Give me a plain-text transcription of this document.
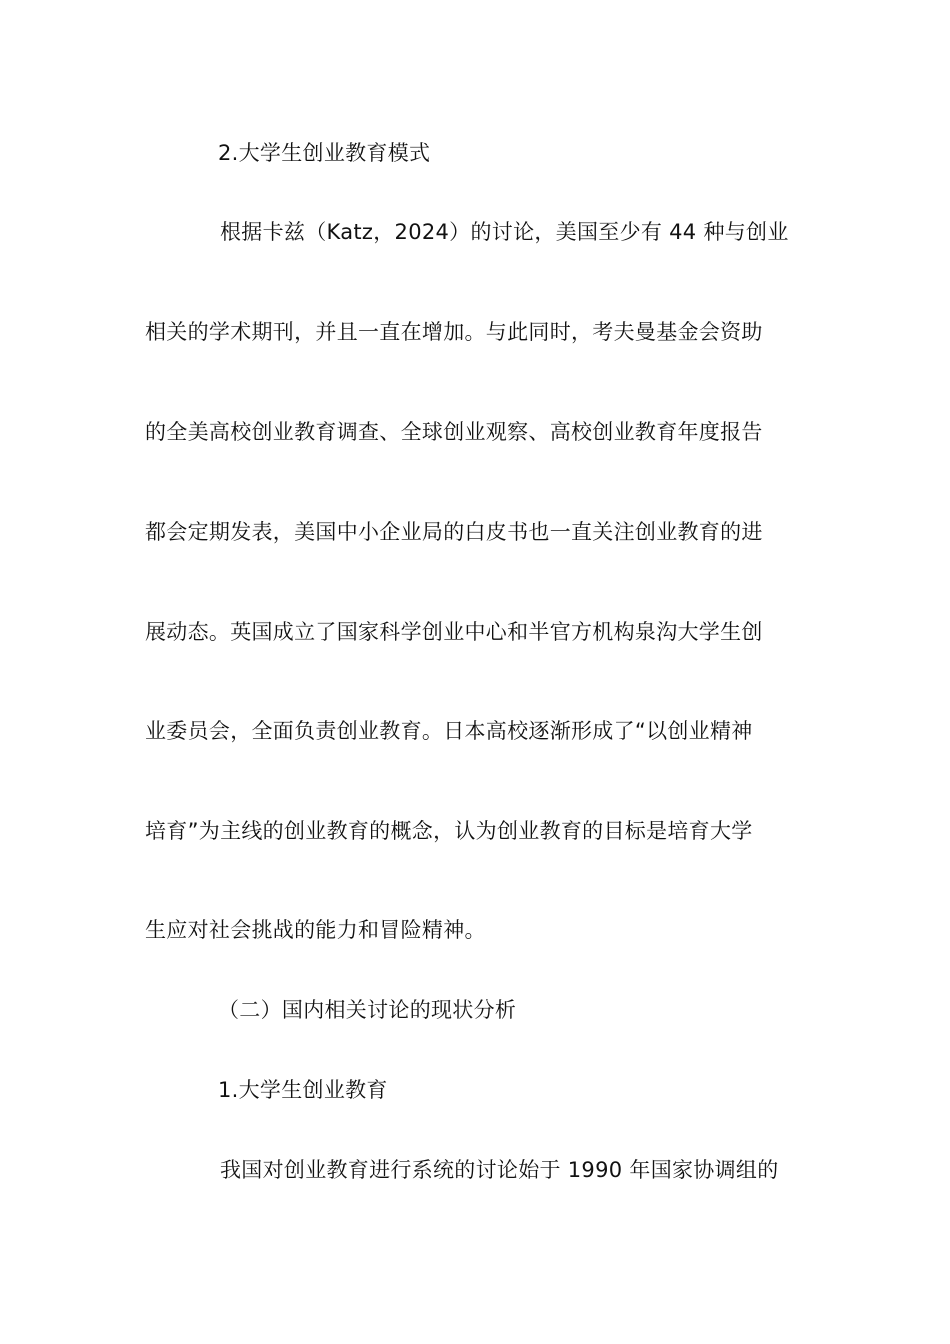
2.大学生创业教育模式
根据卡兹（Katz，2024）的讨论，美国至少有 44 种与创业
相关的学术期刊，并且一直在增加。与此同时，考夫曼基金会资助
的全美高校创业教育调查、全球创业观察、高校创业教育年度报告
都会定期发表，美国中小企业局的白皮书也一直关注创业教育的进
展动态。英国成立了国家科学创业中心和半官方机构泉沟大学生创
业委员会，全面负责创业教育。日本高校逐渐形成了“以创业精神
培育”为主线的创业教育的概念，认为创业教育的目标是培育大学
生应对社会挑战的能力和冒险精神。
（二）国内相关讨论的现状分析
1.大学生创业教育
我国对创业教育进行系统的讨论始于 1990 年国家协调组的
